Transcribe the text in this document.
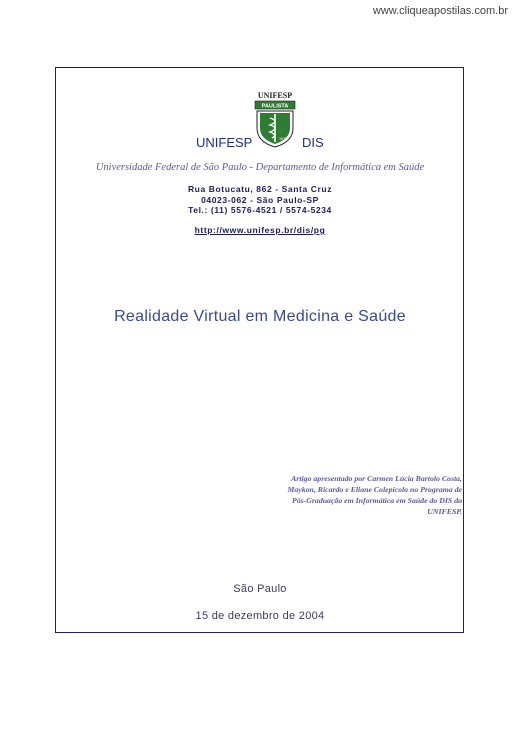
www.cliqueapostilas.com.br
UNIFESP
PAULISTA
1933
UNIFESP	DIS
Universidade Federal de São Paulo - Departamento de Informática em Saúde
Rua Botucatu, 862 - Santa Cruz
04023-062 - São Paulo-SP
Tel.: (11) 5576-4521 / 5574-5234
http://www.unifesp.br/dis/pg
Realidade Virtual em Medicina e Saúde
Artigo apresentado por Carmen Lúcia Bartolo Costa,
Maykon, Ricardo e Eliane Colepícolo no Programa de
Pós-Graduação em Informática em Saúde do DIS da
UNIFESP.
São Paulo
15 de dezembro de 2004
